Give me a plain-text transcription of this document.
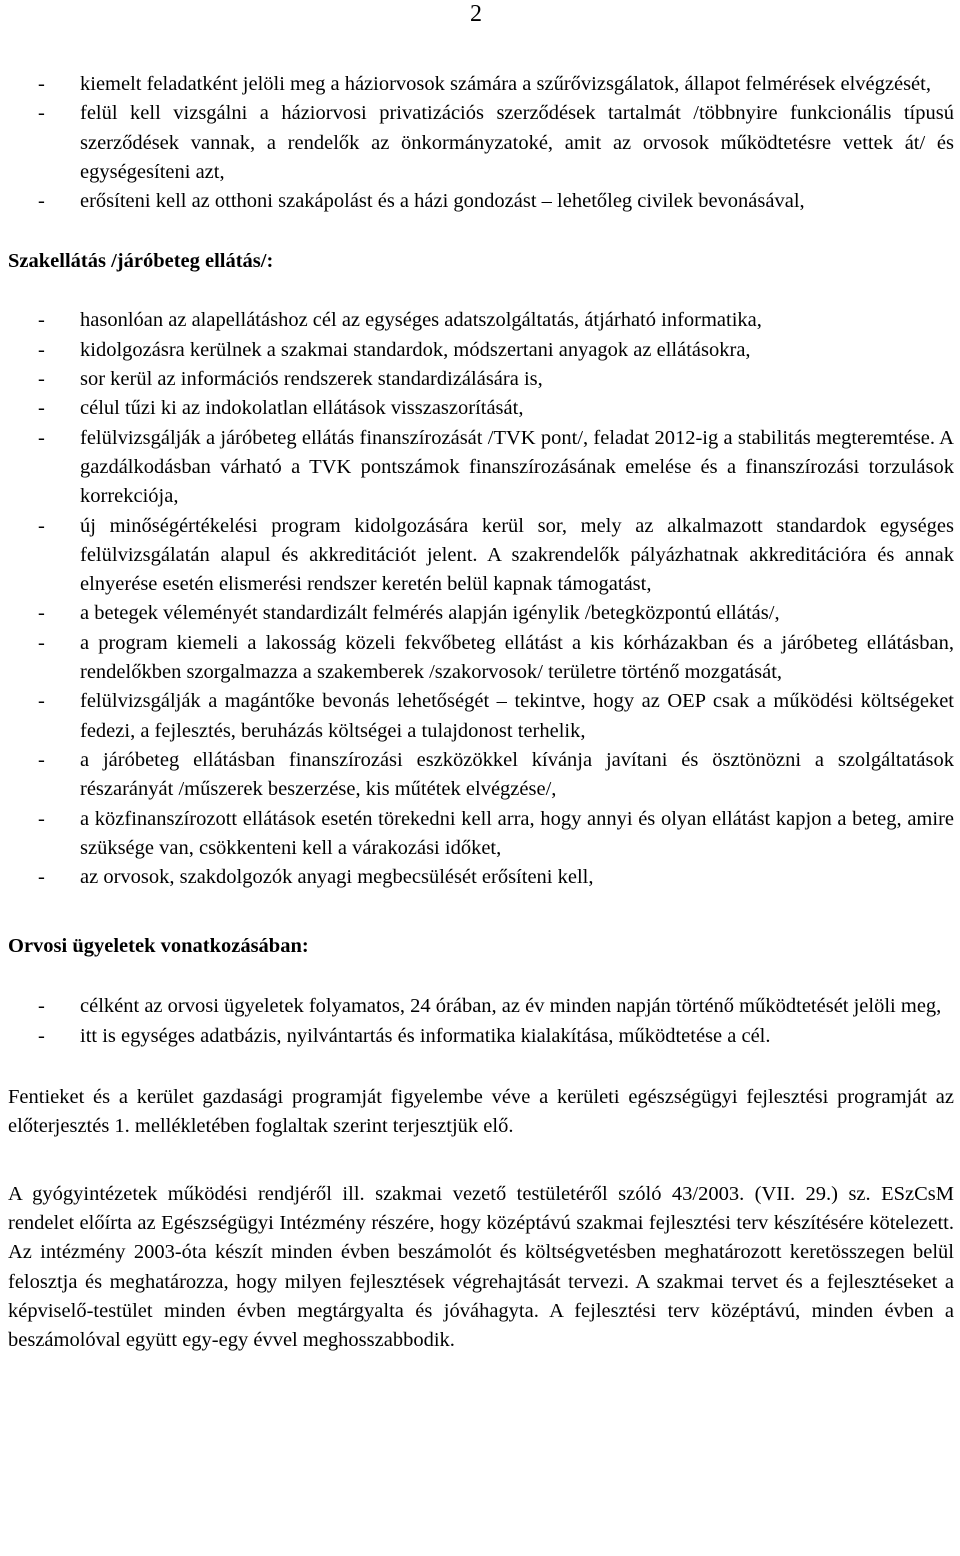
2
- kiemelt feladatként jelöli meg a háziorvosok számára a szűrővizsgálatok, állapot felmérések elvégzését,
- felül kell vizsgálni a háziorvosi privatizációs szerződések tartalmát /többnyire funkcionális típusú szerződések vannak, a rendelők az önkormányzatoké, amit az orvosok működtetésre vettek át/ és egységesíteni azt,
- erősíteni kell az otthoni szakápolást és a házi gondozást – lehetőleg civilek bevonásával,

Szakellátás /járóbeteg ellátás/:

- hasonlóan az alapellátáshoz cél az egységes adatszolgáltatás, átjárható informatika,
- kidolgozásra kerülnek a szakmai standardok, módszertani anyagok az ellátásokra,
- sor kerül az információs rendszerek standardizálására is,
- célul tűzi ki az indokolatlan ellátások visszaszorítását,
- felülvizsgálják a járóbeteg ellátás finanszírozását /TVK pont/, feladat 2012-ig a stabilitás megteremtése. A gazdálkodásban várható a TVK pontszámok finanszírozásának emelése és a finanszírozási torzulások korrekciója,
- új minőségértékelési program kidolgozására kerül sor, mely az alkalmazott standardok egységes felülvizsgálatán alapul és akkreditációt jelent. A szakrendelők pályázhatnak akkreditációra és annak elnyerése esetén elismerési rendszer keretén belül kapnak támogatást,
- a betegek véleményét standardizált felmérés alapján igénylik /betegközpontú ellátás/,
- a program kiemeli a lakosság közeli fekvőbeteg ellátást a kis kórházakban és a járóbeteg ellátásban, rendelőkben szorgalmazza a szakemberek /szakorvosok/ területre történő mozgatását,
- felülvizsgálják a magántőke bevonás lehetőségét – tekintve, hogy az OEP csak a működési költségeket fedezi, a fejlesztés, beruházás költségei a tulajdonost terhelik,
- a járóbeteg ellátásban finanszírozási eszközökkel kívánja javítani és ösztönözni a szolgáltatások részarányát /műszerek beszerzése, kis műtétek elvégzése/,
- a közfinanszírozott ellátások esetén törekedni kell arra, hogy annyi és olyan ellátást kapjon a beteg, amire szüksége van, csökkenteni kell a várakozási időket,
- az orvosok, szakdolgozók anyagi megbecsülését erősíteni kell,

Orvosi ügyeletek vonatkozásában:

- célként az orvosi ügyeletek folyamatos, 24 órában, az év minden napján történő működtetését jelöli meg,
- itt is egységes adatbázis, nyilvántartás és informatika kialakítása, működtetése a cél.

Fentieket és a kerület gazdasági programját figyelembe véve a kerületi egészségügyi fejlesztési programját az előterjesztés 1. mellékletében foglaltak szerint terjesztjük elő.

A gyógyintézetek működési rendjéről ill. szakmai vezető testületéről szóló 43/2003. (VII. 29.) sz. ESzCsM rendelet előírta az Egészségügyi Intézmény részére, hogy középtávú szakmai fejlesztési terv készítésére kötelezett. Az intézmény 2003-óta készít minden évben beszámolót és költségvetésben meghatározott keretösszegen belül felosztja és meghatározza, hogy milyen fejlesztések végrehajtását tervezi. A szakmai tervet és a fejlesztéseket a képviselő-testület minden évben megtárgyalta és jóváhagyta. A fejlesztési terv középtávú, minden évben a beszámolóval együtt egy-egy évvel meghosszabbodik.
